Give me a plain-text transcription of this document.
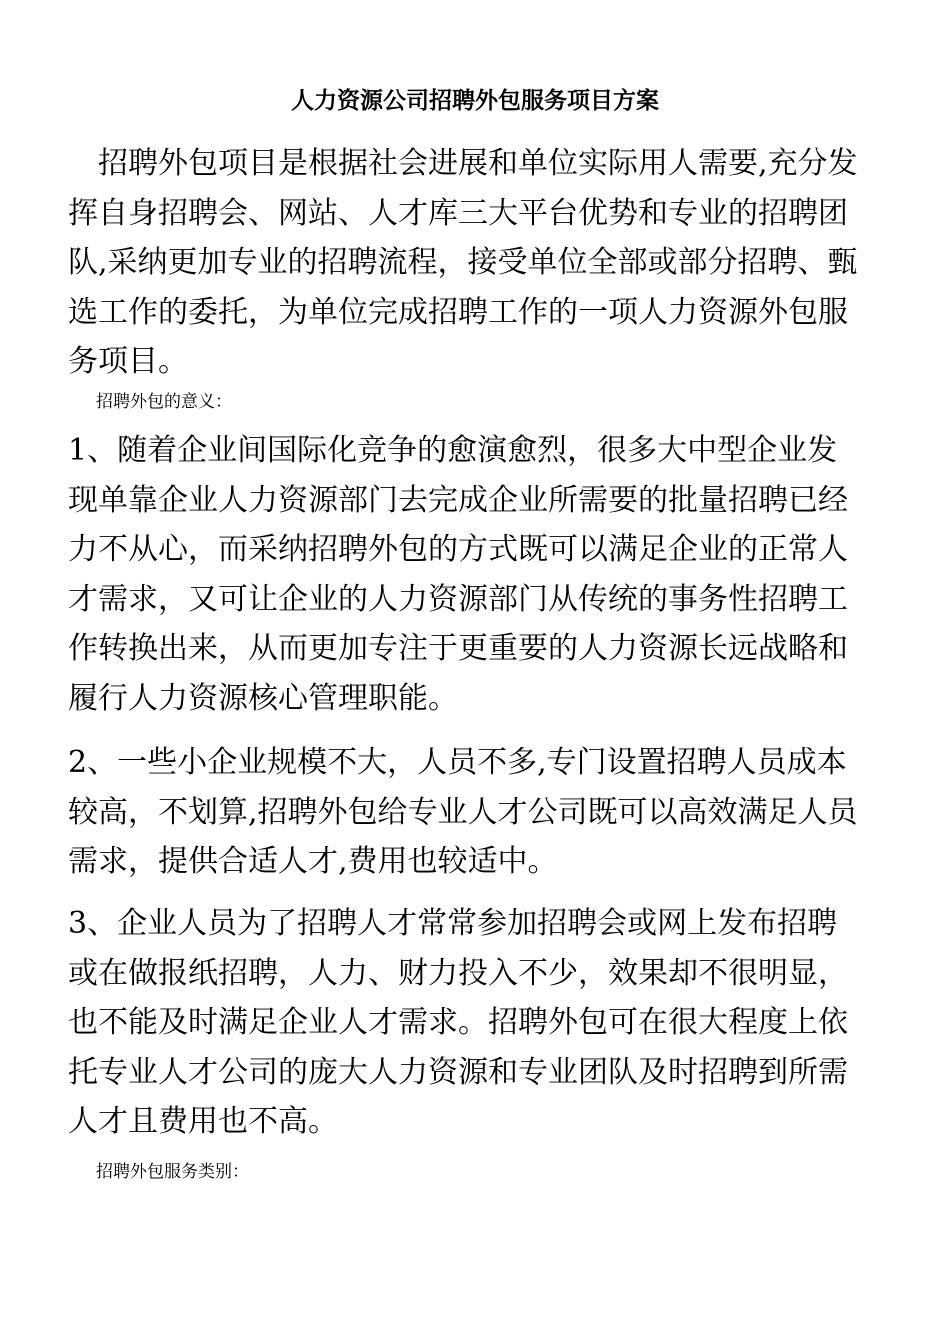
人力资源公司招聘外包服务项目方案
　招聘外包项目是根据社会进展和单位实际用人需要,充分发
挥自身招聘会、网站、人才库三大平台优势和专业的招聘团
队,采纳更加专业的招聘流程，接受单位全部或部分招聘、甄
选工作的委托，为单位完成招聘工作的一项人力资源外包服
务项目。
招聘外包的意义：
1、随着企业间国际化竞争的愈演愈烈，很多大中型企业发
现单靠企业人力资源部门去完成企业所需要的批量招聘已经
力不从心，而采纳招聘外包的方式既可以满足企业的正常人
才需求，又可让企业的人力资源部门从传统的事务性招聘工
作转换出来，从而更加专注于更重要的人力资源长远战略和
履行人力资源核心管理职能。
2、一些小企业规模不大，人员不多,专门设置招聘人员成本
较高，不划算,招聘外包给专业人才公司既可以高效满足人员
需求，提供合适人才,费用也较适中。
3、企业人员为了招聘人才常常参加招聘会或网上发布招聘
或在做报纸招聘，人力、财力投入不少，效果却不很明显，
也不能及时满足企业人才需求。招聘外包可在很大程度上依
托专业人才公司的庞大人力资源和专业团队及时招聘到所需
人才且费用也不高。
招聘外包服务类别：
